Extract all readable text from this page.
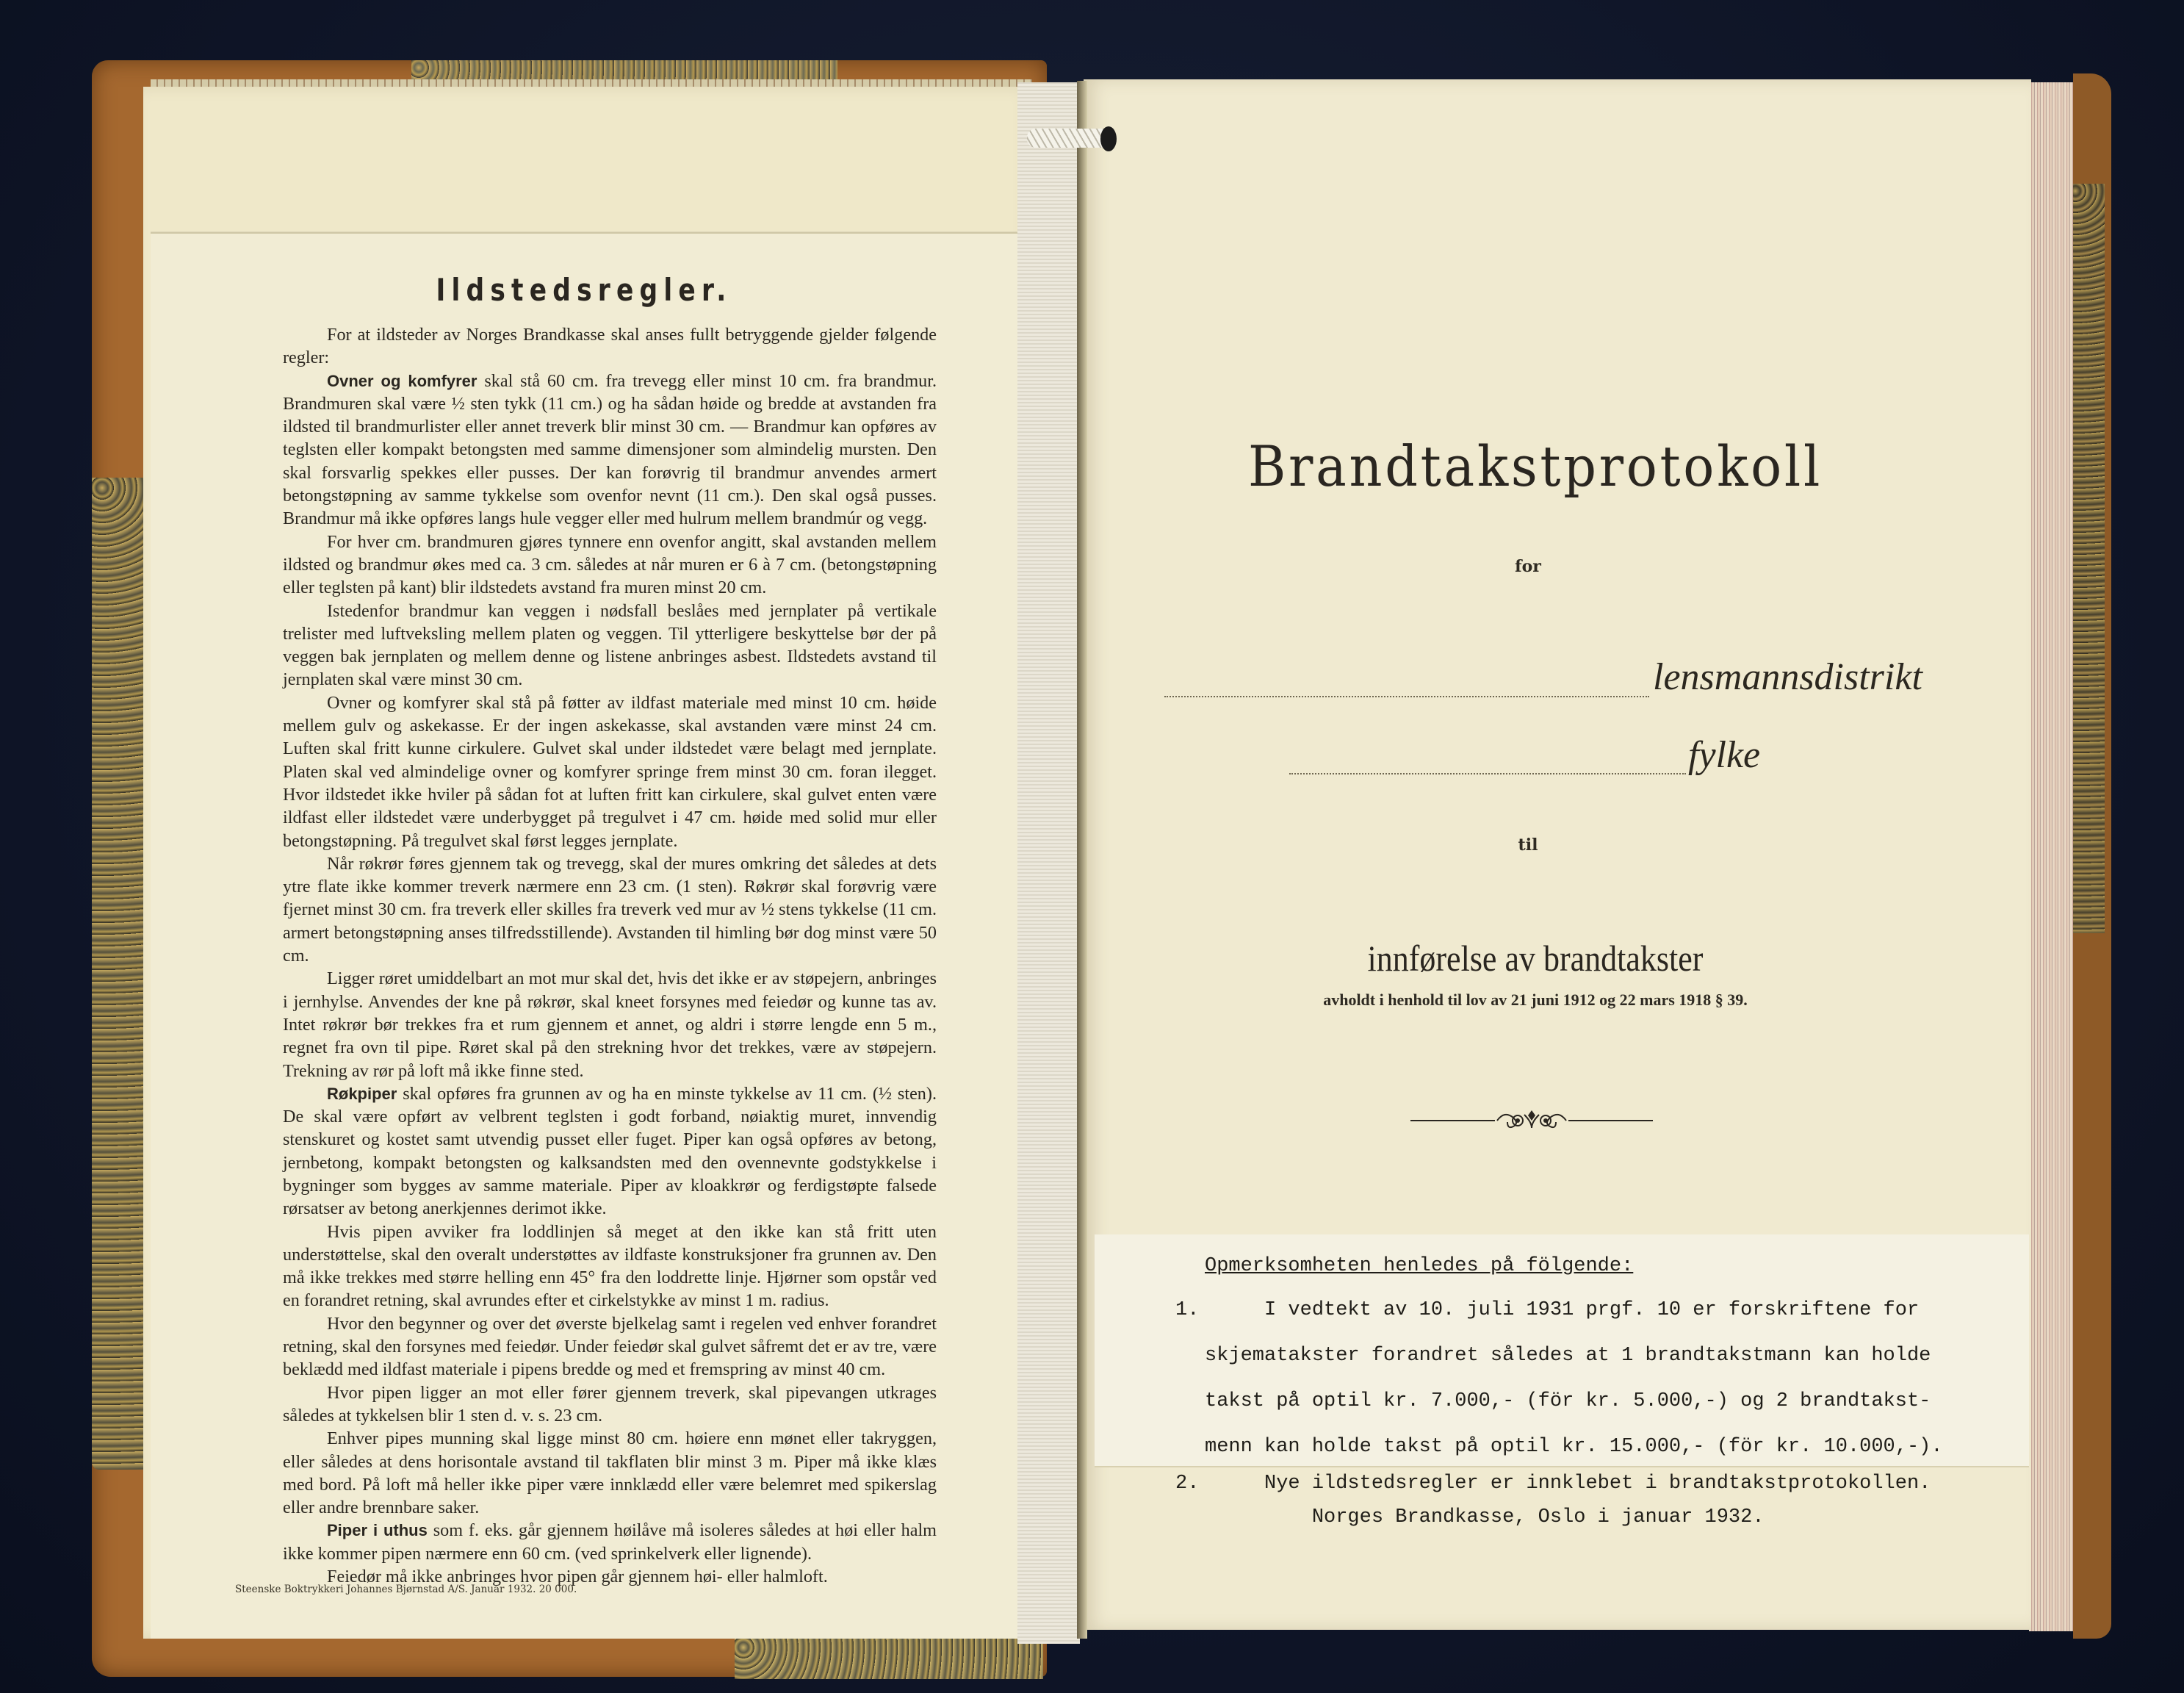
Ildstedsregler.

For at ildsteder av Norges Brandkasse skal anses fullt betryggende gjelder følgende regler:

Ovner og komfyrer skal stå 60 cm. fra trevegg eller minst 10 cm. fra brandmur. Brandmuren skal være ½ sten tykk (11 cm.) og ha sådan høide og bredde at avstanden fra ildsted til brandmurlister eller annet treverk blir minst 30 cm. — Brandmur kan opføres av teglsten eller kompakt betongsten med samme dimensjoner som almindelig mursten. Den skal forsvarlig spekkes eller pusses. Der kan forøvrig til brandmur anvendes armert betongstøpning av samme tykkelse som ovenfor nevnt (11 cm.). Den skal også pusses. Brandmur må ikke opføres langs hule vegger eller med hulrum mellem brandmúr og vegg.

For hver cm. brandmuren gjøres tynnere enn ovenfor angitt, skal avstanden mellem ildsted og brandmur økes med ca. 3 cm. således at når muren er 6 à 7 cm. (betongstøpning eller teglsten på kant) blir ildstedets avstand fra muren minst 20 cm.

Istedenfor brandmur kan veggen i nødsfall beslåes med jernplater på vertikale trelister med luftveksling mellem platen og veggen. Til ytterligere beskyttelse bør der på veggen bak jernplaten og mellem denne og listene anbringes asbest. Ildstedets avstand til jernplaten skal være minst 30 cm.

Ovner og komfyrer skal stå på føtter av ildfast materiale med minst 10 cm. høide mellem gulv og askekasse. Er der ingen askekasse, skal avstanden være minst 24 cm. Luften skal fritt kunne cirkulere. Gulvet skal under ildstedet være belagt med jernplate. Platen skal ved almindelige ovner og komfyrer springe frem minst 30 cm. foran ilegget. Hvor ildstedet ikke hviler på sådan fot at luften fritt kan cirkulere, skal gulvet enten være ildfast eller ildstedet være underbygget på tregulvet i 47 cm. høide med solid mur eller betongstøpning. På tregulvet skal først legges jernplate.

Når røkrør føres gjennem tak og trevegg, skal der mures omkring det således at dets ytre flate ikke kommer treverk nærmere enn 23 cm. (1 sten). Røkrør skal forøvrig være fjernet minst 30 cm. fra treverk eller skilles fra treverk ved mur av ½ stens tykkelse (11 cm. armert betongstøpning anses tilfredsstillende). Avstanden til himling bør dog minst være 50 cm.

Ligger røret umiddelbart an mot mur skal det, hvis det ikke er av støpejern, anbringes i jernhylse. Anvendes der kne på røkrør, skal kneet forsynes med feiedør og kunne tas av. Intet røkrør bør trekkes fra et rum gjennem et annet, og aldri i større lengde enn 5 m., regnet fra ovn til pipe. Røret skal på den strekning hvor det trekkes, være av støpejern. Trekning av rør på loft må ikke finne sted.

Røkpiper skal opføres fra grunnen av og ha en minste tykkelse av 11 cm. (½ sten). De skal være opført av velbrent teglsten i godt forband, nøiaktig muret, innvendig stenskuret og kostet samt utvendig pusset eller fuget. Piper kan også opføres av betong, jernbetong, kompakt betongsten og kalksandsten med den ovennevnte godstykkelse i bygninger som bygges av samme materiale. Piper av kloakkrør og ferdigstøpte falsede rørsatser av betong anerkjennes derimot ikke.

Hvis pipen avviker fra loddlinjen så meget at den ikke kan stå fritt uten understøttelse, skal den overalt understøttes av ildfaste konstruksjoner fra grunnen av. Den må ikke trekkes med større helling enn 45° fra den loddrette linje. Hjørner som opstår ved en forandret retning, skal avrundes efter et cirkelstykke av minst 1 m. radius.

Hvor den begynner og over det øverste bjelkelag samt i regelen ved enhver forandret retning, skal den forsynes med feiedør. Under feiedør skal gulvet såfremt det er av tre, være beklædd med ildfast materiale i pipens bredde og med et fremspring av minst 40 cm.

Hvor pipen ligger an mot eller fører gjennem treverk, skal pipevangen utkrages således at tykkelsen blir 1 sten d. v. s. 23 cm.

Enhver pipes munning skal ligge minst 80 cm. høiere enn mønet eller takryggen, eller således at dens horisontale avstand til takflaten blir minst 3 m. Piper må ikke klæs med bord. På loft må heller ikke piper være innklædd eller være belemret med spikerslag eller andre brennbare saker.

Piper i uthus som f. eks. går gjennem høilåve må isoleres således at høi eller halm ikke kommer pipen nærmere enn 60 cm. (ved sprinkelverk eller lignende).

Feiedør må ikke anbringes hvor pipen går gjennem høi- eller halmloft.

Steenske Boktrykkeri Johannes Bjørnstad A/S. Januar 1932. 20 000.
Brandtakstprotokoll
for
lensmannsdistrikt
fylke
til
innførelse av brandtakster
avholdt i henhold til lov av 21 juni 1912 og 22 mars 1918 § 39.
Opmerksomheten henledes på fölgende:
1. I vedtekt av 10. juli 1931 prgf. 10 er forskriftene for
skjematakster forandret således at 1 brandtakstmann kan holde
takst på optil kr. 7.000,- (för kr. 5.000,-) og 2 brandtakst-
menn kan holde takst på optil kr. 15.000,- (för kr. 10.000,-).
2. Nye ildstedsregler er innklebet i brandtakstprotokollen.
Norges Brandkasse, Oslo i januar 1932.
